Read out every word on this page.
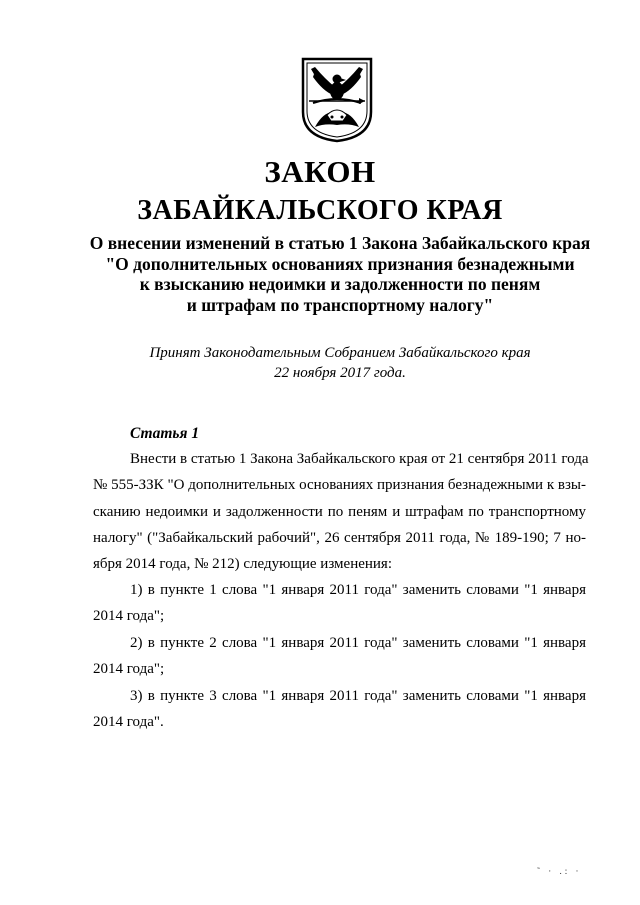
ЗАКОН
ЗАБАЙКАЛЬСКОГО КРАЯ
О внесении изменений в статью 1 Закона Забайкальского края
"О дополнительных основаниях признания безнадежными
к взысканию недоимки и задолженности по пеням
и штрафам по транспортному налогу"
Принят Законодательным Собранием Забайкальского края
22 ноября 2017 года.
Статья 1
Внести в статью 1 Закона Забайкальского края от 21 сентября 2011 года
№ 555-ЗЗК "О дополнительных основаниях признания безнадежными к взы-
сканию недоимки и задолженности по пеням и штрафам по транспортному
налогу" ("Забайкальский рабочий", 26 сентября 2011 года, № 189-190; 7 но-
ября 2014 года, № 212) следующие изменения:
1) в пункте 1 слова "1 января 2011 года" заменить словами "1 января
2014 года";
2) в пункте 2 слова "1 января 2011 года" заменить словами "1 января
2014 года";
3) в пункте 3 слова "1 января 2011 года" заменить словами "1 января
2014 года".
˜ · .: ·
